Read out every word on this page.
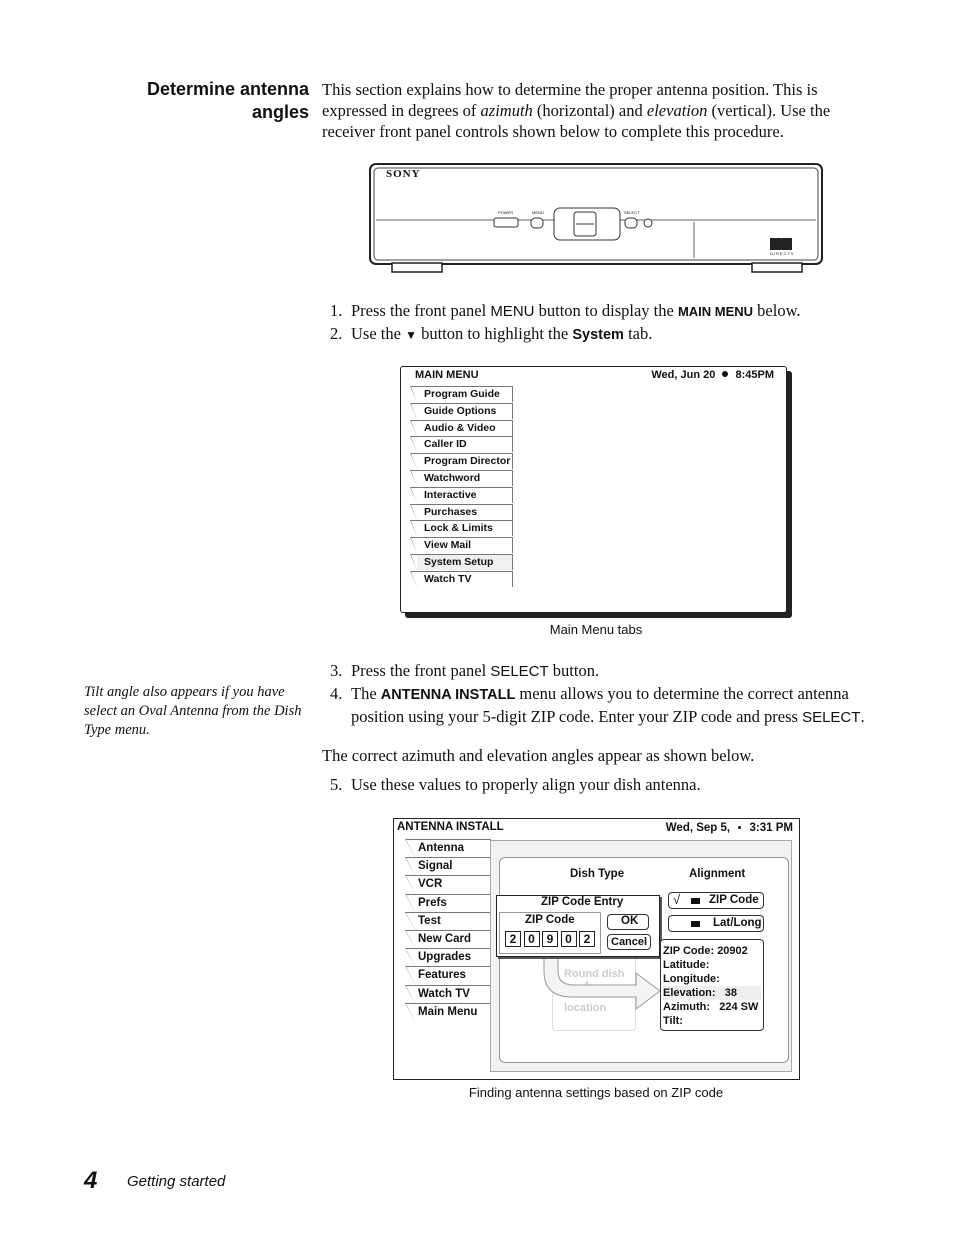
Determine antenna
angles
This section explains how to determine the proper antenna position. This is expressed in degrees of azimuth (horizontal) and elevation (vertical). Use the receiver front panel controls shown below to complete this procedure.
SONY
POWER	MENU	SELECT
DIRECTV
1. Press the front panel MENU button to display the MAIN MENU below.
2. Use the ▼ button to highlight the System tab.
MAIN MENU	Wed, Jun 20 8:45PM
Program Guide
Guide Options
Audio & Video
Caller ID
Program Director
Watchword
Interactive
Purchases
Lock & Limits
View Mail
System Setup
Watch TV
Main Menu tabs
Tilt angle also appears if you have select an Oval Antenna from the Dish Type menu.
3. Press the front panel SELECT button.
4. The ANTENNA INSTALL menu allows you to determine the correct antenna position using your 5-digit ZIP code. Enter your ZIP code and press SELECT.
The correct azimuth and elevation angles appear as shown below.
5. Use these values to properly align your dish antenna.
ANTENNA INSTALL	Wed, Sep 5, 3:31 PM
Antenna
Signal
VCR
Prefs
Test
New Card
Upgrades
Features
Watch TV
Main Menu
Dish Type	Alignment
Round dish
location
√	ZIP Code
Lat/Long
ZIP Code Entry
ZIP Code
2 0 9 0 2
OK
Cancel
ZIP Code: 20902
Latitude:
Longitude:
Elevation: 38
Azimuth: 224 SW
Tilt:
Finding antenna settings based on ZIP code
4 Getting started
